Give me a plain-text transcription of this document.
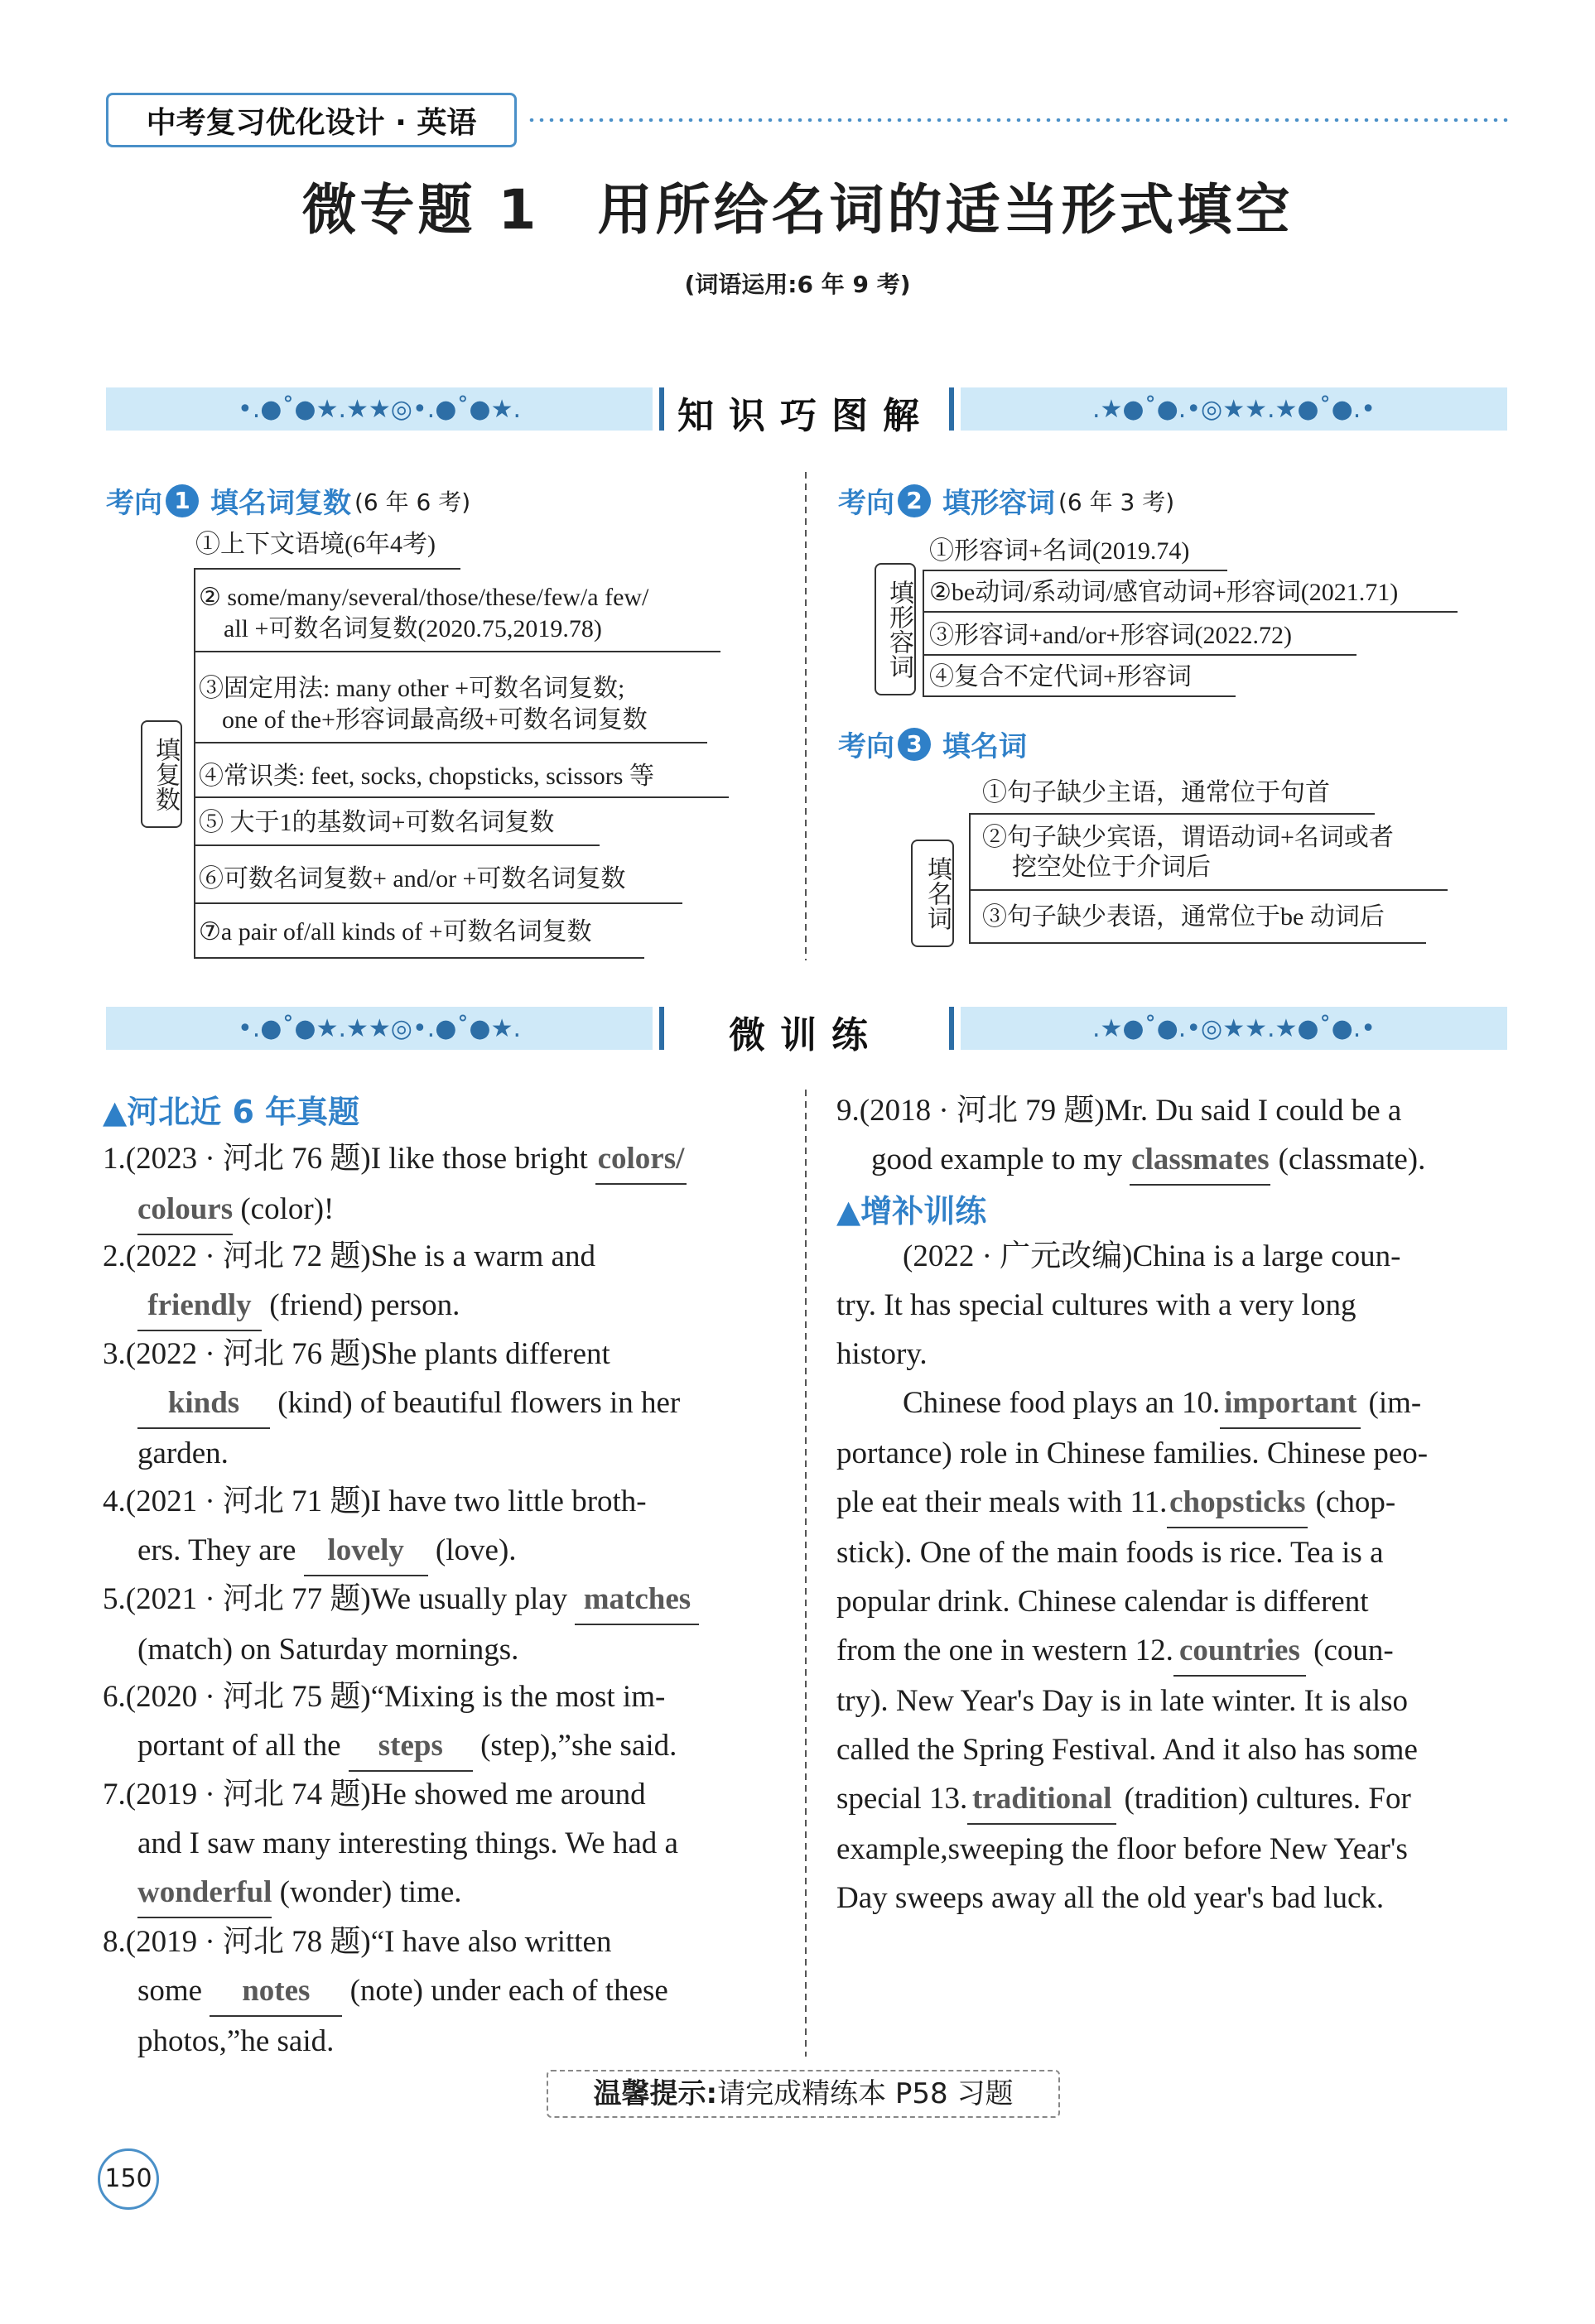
中考复习优化设计 · 英语
微专题 1　用所给名词的适当形式填空
(词语运用:6 年 9 考)
•.●˚●★.★★◎•.●˚●★.	知识巧图解	.★●˚●.•◎★★.★●˚●.•
考向 1 填名词复数 (6 年 6 考)
填复数
①上下文语境(6年4考)
② some/many/several/those/these/few/a few/
all +可数名词复数(2020.75,2019.78)
③固定用法: many other +可数名词复数;
one of the+形容词最高级+可数名词复数
④常识类: feet, socks, chopsticks, scissors 等
⑤ 大于1的基数词+可数名词复数
⑥可数名词复数+ and/or +可数名词复数
⑦a pair of/all kinds of +可数名词复数
考向 2 填形容词 (6 年 3 考)
填形容词
①形容词+名词(2019.74)
②be动词/系动词/感官动词+形容词(2021.71)
③形容词+and/or+形容词(2022.72)
④复合不定代词+形容词
考向 3 填名词
填名词
①句子缺少主语，通常位于句首
②句子缺少宾语，谓语动词+名词或者
挖空处位于介词后
③句子缺少表语，通常位于be 动词后
•.●˚●★.★★◎•.●˚●★.	微训练	.★●˚●.•◎★★.★●˚●.•
▲河北近 6 年真题
1.(2023 · 河北 76 题)I like those bright colors/
colours (color)!
2.(2022 · 河北 72 题)She is a warm and
friendly (friend) person.
3.(2022 · 河北 76 题)She plants different
kinds (kind) of beautiful flowers in her
garden.
4.(2021 · 河北 71 题)I have two little broth-
ers. They are lovely (love).
5.(2021 · 河北 77 题)We usually play matches
(match) on Saturday mornings.
6.(2020 · 河北 75 题)“Mixing is the most im-
portant of all the steps (step),”she said.
7.(2019 · 河北 74 题)He showed me around
and I saw many interesting things. We had a
wonderful (wonder) time.
8.(2019 · 河北 78 题)“I have also written
some notes (note) under each of these
photos,”he said.
9.(2018 · 河北 79 题)Mr. Du said I could be a
good example to my classmates (classmate).
▲增补训练
(2022 · 广元改编)China is a large coun-
try. It has special cultures with a very long
history.
Chinese food plays an 10. important (im-
portance) role in Chinese families. Chinese peo-
ple eat their meals with 11.chopsticks (chop-
stick). One of the main foods is rice. Tea is a
popular drink. Chinese calendar is different
from the one in western 12. countries (coun-
try). New Year's Day is in late winter. It is also
called the Spring Festival. And it also has some
special 13. traditional (tradition) cultures. For
example,sweeping the floor before New Year's
Day sweeps away all the old year's bad luck.
温馨提示:请完成精练本 P58 习题
150
